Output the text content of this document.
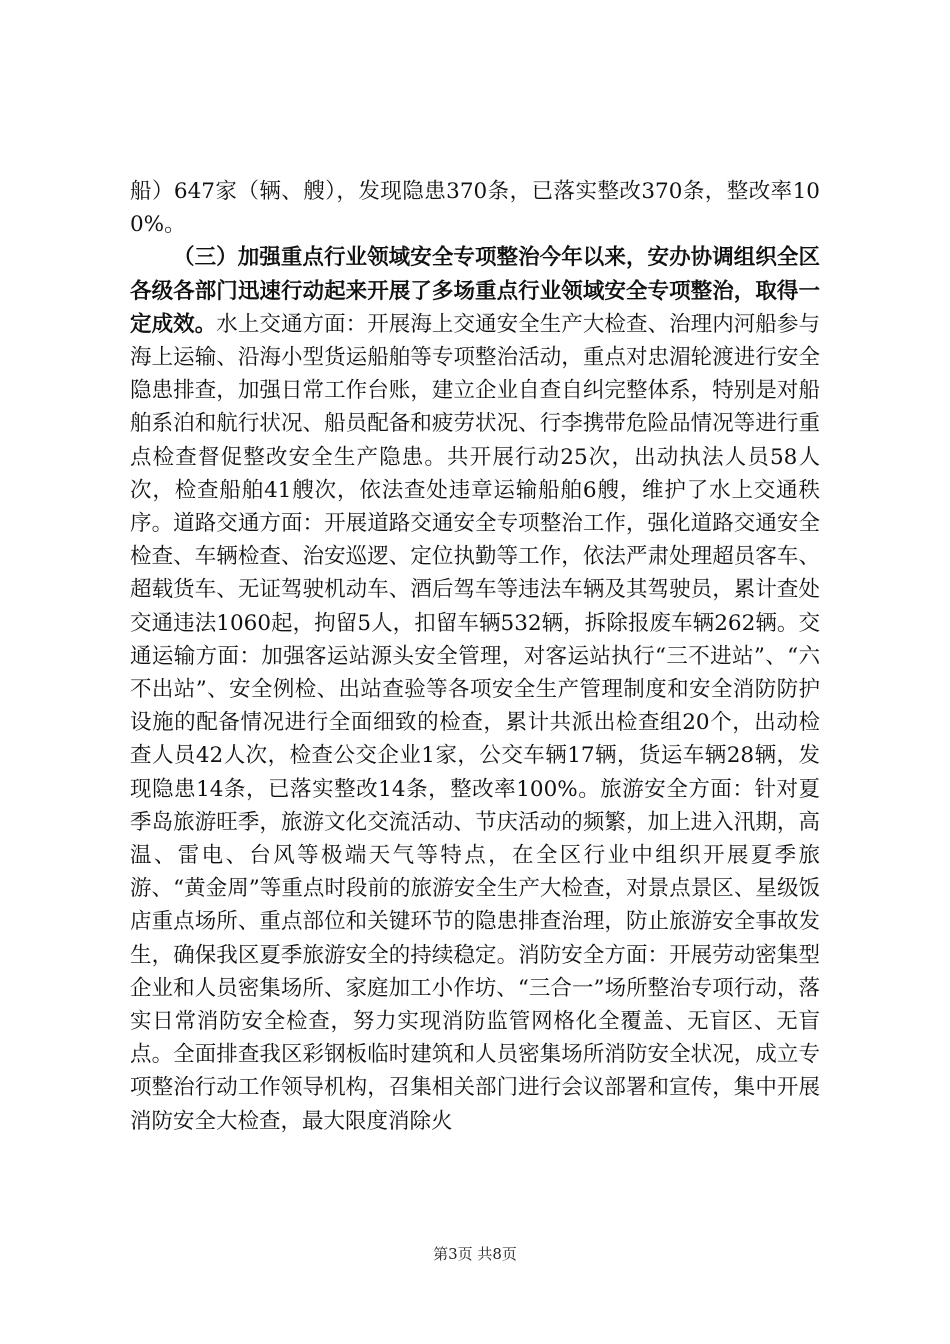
船）647家（辆、艘），发现隐患370条，已落实整改370条，整改率100%。

（三）加强重点行业领域安全专项整治今年以来，安办协调组织全区各级各部门迅速行动起来开展了多场重点行业领域安全专项整治，取得一定成效。水上交通方面：开展海上交通安全生产大检查、治理内河船参与海上运输、沿海小型货运船舶等专项整治活动，重点对忠湄轮渡进行安全隐患排查，加强日常工作台账，建立企业自查自纠完整体系，特别是对船舶系泊和航行状况、船员配备和疲劳状况、行李携带危险品情况等进行重点检查督促整改安全生产隐患。共开展行动25次，出动执法人员58人次，检查船舶41艘次，依法查处违章运输船舶6艘，维护了水上交通秩序。道路交通方面：开展道路交通安全专项整治工作，强化道路交通安全检查、车辆检查、治安巡逻、定位执勤等工作，依法严肃处理超员客车、超载货车、无证驾驶机动车、酒后驾车等违法车辆及其驾驶员，累计查处交通违法1060起，拘留5人，扣留车辆532辆，拆除报废车辆262辆。交通运输方面：加强客运站源头安全管理，对客运站执行“三不进站”、“六不出站”、安全例检、出站查验等各项安全生产管理制度和安全消防防护设施的配备情况进行全面细致的检查，累计共派出检查组20个，出动检查人员42人次，检查公交企业1家，公交车辆17辆，货运车辆28辆，发现隐患14条，已落实整改14条，整改率100%。旅游安全方面：针对夏季岛旅游旺季，旅游文化交流活动、节庆活动的频繁，加上进入汛期，高温、雷电、台风等极端天气等特点，在全区行业中组织开展夏季旅游、“黄金周”等重点时段前的旅游安全生产大检查，对景点景区、星级饭店重点场所、重点部位和关键环节的隐患排查治理，防止旅游安全事故发生，确保我区夏季旅游安全的持续稳定。消防安全方面：开展劳动密集型企业和人员密集场所、家庭加工小作坊、“三合一”场所整治专项行动，落实日常消防安全检查，努力实现消防监管网格化全覆盖、无盲区、无盲点。全面排查我区彩钢板临时建筑和人员密集场所消防安全状况，成立专项整治行动工作领导机构，召集相关部门进行会议部署和宣传，集中开展消防安全大检查，最大限度消除火

第3页 共8页
